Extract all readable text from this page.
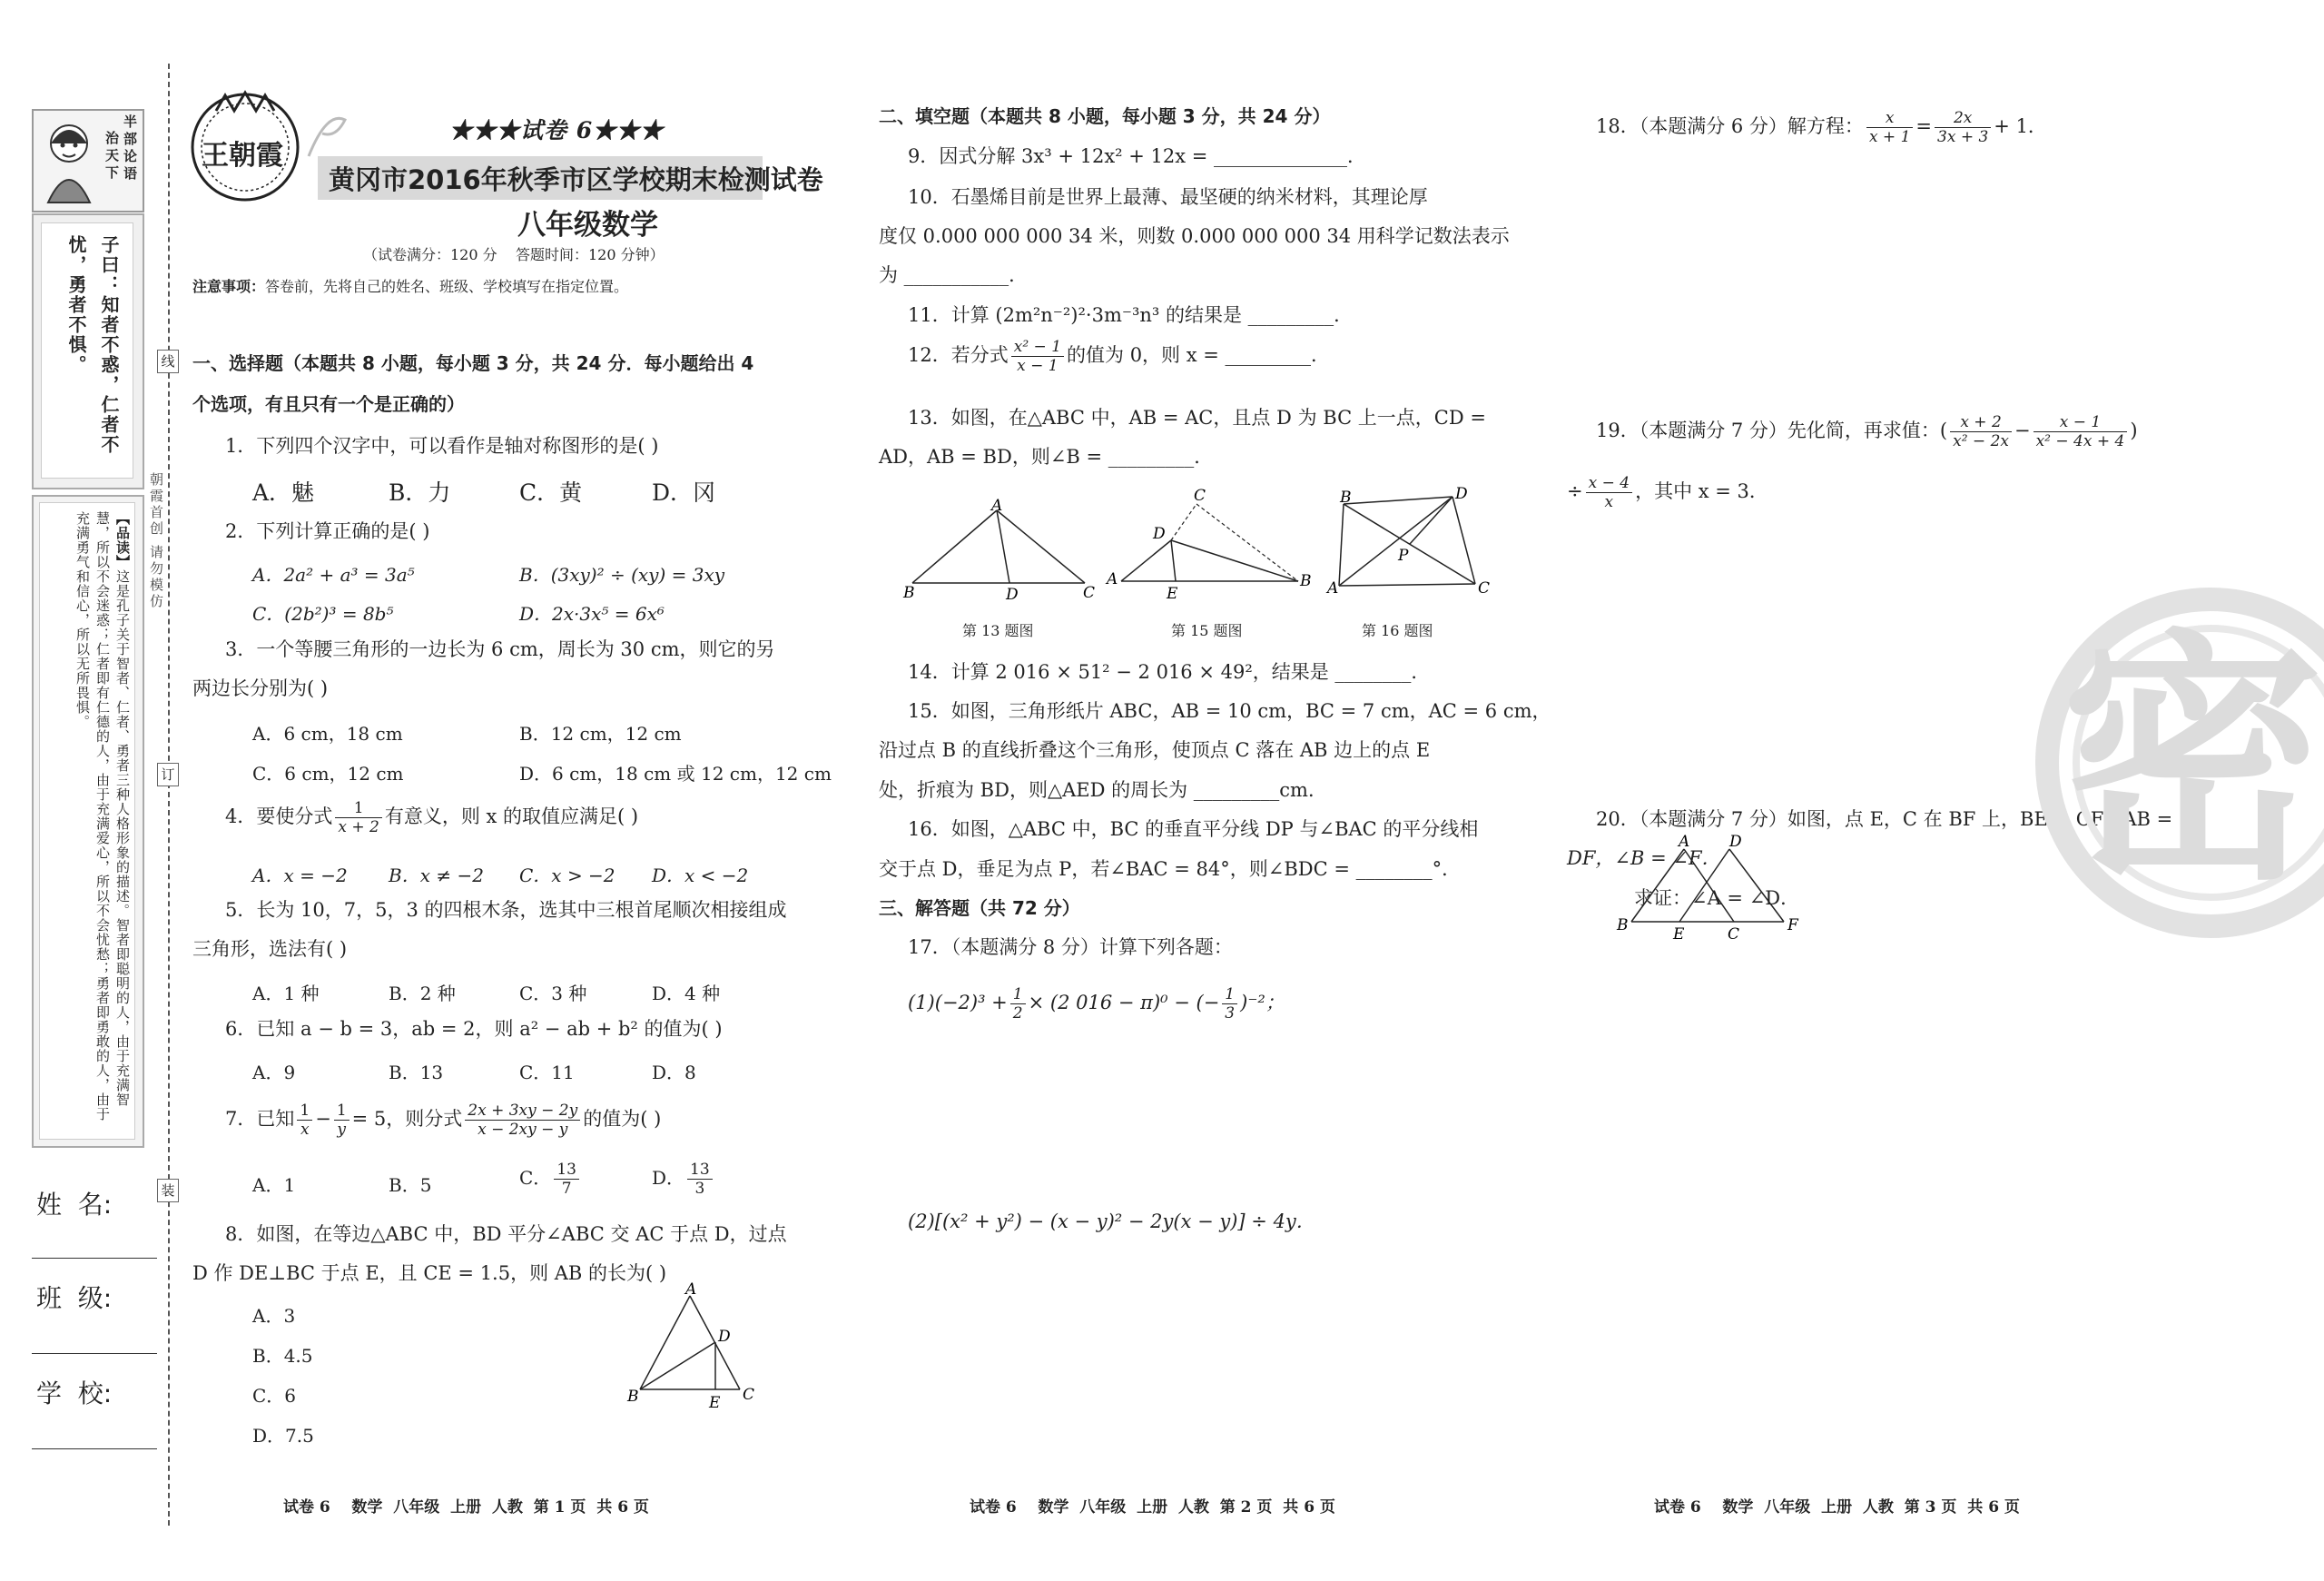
半部论语
治天下
子曰：知者不惑，仁者不
忧，勇者不惧。
【品读】这是孔子关于智者、仁者、勇者三种人格形象的描述。智者即聪明的人，由于充满智慧，所以不会迷惑；仁者即有仁德的人，由于充满爱心，所以不会忧愁；勇者即勇敢的人，由于充满勇气和信心，所以无所畏惧。
姓  名:
班  级:
学  校:
线
订
装
朝霞首创 请勿模仿
王朝霞
★★★试卷 6★★★
黄冈市2016年秋季市区学校期末检测试卷
八年级数学
（试卷满分：120 分    答题时间：120 分钟）
注意事项：答卷前，先将自己的姓名、班级、学校填写在指定位置。
一、选择题（本题共 8 小题，每小题 3 分，共 24 分．每小题给出 4
个选项，有且只有一个是正确的）
1．下列四个汉字中，可以看作是轴对称图形的是( )
A．魅	B．力	C．黄	D．冈
2．下列计算正确的是( )
A．2a² + a³ = 3a⁵	B．(3xy)² ÷ (xy) = 3xy
C．(2b²)³ = 8b⁵	D．2x·3x⁵ = 6x⁶
3．一个等腰三角形的一边长为 6 cm，周长为 30 cm，则它的另
两边长分别为( )
A．6 cm，18 cm	B．12 cm，12 cm
C．6 cm，12 cm	D．6 cm，18 cm 或 12 cm，12 cm
4．要使分式 $\frac{1}{x + 2}$ 有意义，则 x 的取值应满足( )
A．x = −2 B．x ≠ −2 C．x > −2 D．x < −2
5．长为 10，7，5，3 的四根木条，选其中三根首尾顺次相接组成
三角形，选法有( )
A．1 种	B．2 种	C．3 种	D．4 种
6．已知 a − b = 3，ab = 2，则 a² − ab + b² 的值为( )
A．9	B．13	C．11	D．8
7．已知 $\frac{1}{x} - \frac{1}{y} = 5$，则分式 $\frac{2x + 3xy - 2y}{x - 2xy - y}$ 的值为( )
A．1	B．5	C． $\frac{13}{7}$	D． $\frac{13}{3}$
8．如图，在等边△ABC 中，BD 平分∠ABC 交 AC 于点 D，过点
D 作 DE⊥BC 于点 E，且 CE = 1.5，则 AB 的长为( )
A．3
B．4.5
C．6
D．7.5
A
B	C
D
E
试卷 6    数学  八年级  上册  人教  第 1 页  共 6 页
二、填空题（本题共 8 小题，每小题 3 分，共 24 分）
9．因式分解 3x³ + 12x² + 12x = ______________．
10．石墨烯目前是世界上最薄、最坚硬的纳米材料，其理论厚
度仅 0.000 000 000 34 米，则数 0.000 000 000 34 用科学记数法表示
为 ___________．
11．计算 (2m²n⁻²)²·3m⁻³n³ 的结果是 _________．
12．若分式 $\frac{\text{x² − 1}}{x - 1}$ 的值为 0，则 x = _________．
13．如图，在△ABC 中，AB = AC，且点 D 为 BC 上一点，CD =
AD，AB = BD，则∠B = _________．
A
B	D	C
C
D
A
E
B
B	D
P
A	C
第 13 题图	第 15 题图	第 16 题图
14．计算 2 016 × 51² − 2 016 × 49²，结果是 ________．
15．如图，三角形纸片 ABC，AB = 10 cm，BC = 7 cm，AC = 6 cm，
沿过点 B 的直线折叠这个三角形，使顶点 C 落在 AB 边上的点 E
处，折痕为 BD，则△AED 的周长为 _________cm．
16．如图，△ABC 中，BC 的垂直平分线 DP 与∠BAC 的平分线相
交于点 D，垂足为点 P，若∠BAC = 84°，则∠BDC = ________°．
三、解答题（共 72 分）
17．（本题满分 8 分）计算下列各题：
$(1)(-2)^3 + \frac{1}{2} \times (2$ 016 − π)⁰ − (− $\frac{1}{3} )^{-2}$；
(2)[(x² + y²) − (x − y)² − 2y(x − y)] ÷ 4y．
试卷 6    数学  八年级  上册  人教  第 2 页  共 6 页
18．（本题满分 6 分）解方程： $\frac{x}{x + 1} = \frac{2x}{3x + 3} + 1$．
19．（本题满分 7 分）先化简，再求值：( $\frac{x + 2}{\text{x² − 2x}} - \frac{x - 1}{\text{x² − 4x + 4}}$ )
÷ $\frac{x - 4}{x}$ ，其中 x = 3．
20．（本题满分 7 分）如图，点 E，C 在 BF 上，BE = CF，AB =
DF，∠B = ∠F．
求证：∠A = ∠D．
A	D
B	E	C	F
密
试卷 6    数学  八年级  上册  人教  第 3 页  共 6 页
